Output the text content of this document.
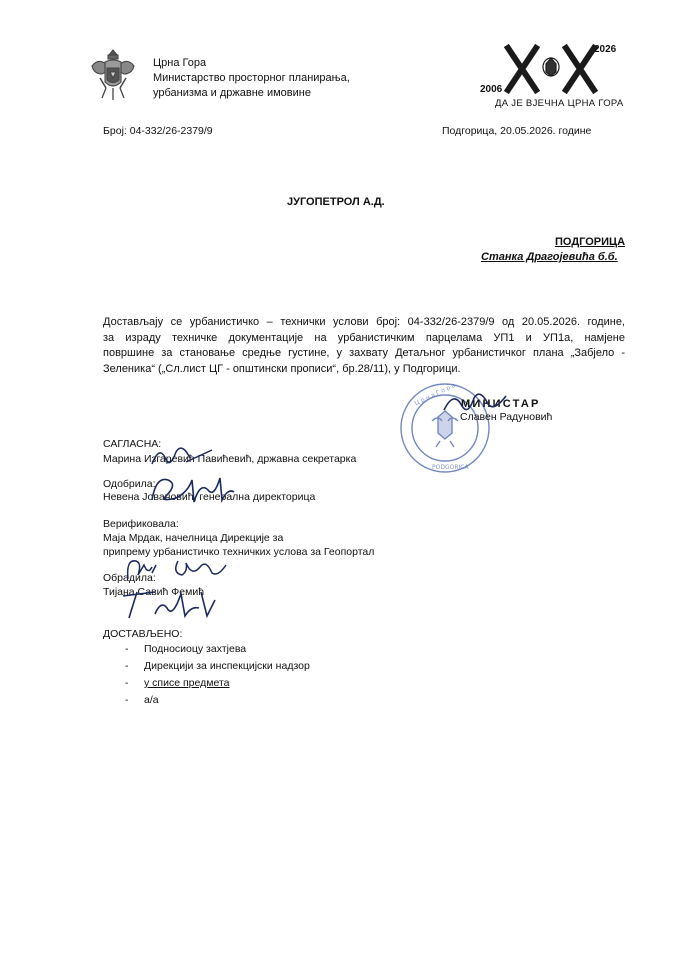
Црна Гора
Министарство просторног планирања,
урбанизма и државне имовине
2026
2006
ДА ЈЕ ВЈЕЧНА ЦРНА ГОРА
Број: 04-332/26-2379/9	Подгорица, 20.05.2026. године
ЈУГОПЕТРОЛ А.Д.
ПОДГОРИЦА
Станка Драгојевића б.б.
Достављају се урбанистичко – технички услови број: 04-332/26-2379/9 од 20.05.2026. године,
за израду техничке документације на урбанистичким парцелама УП1 и УП1а, намјене
површине за становање средње густине, у захвату Детаљног урбанистичког плана „Забјело -
Зеленика“ („Сл.лист ЦГ - општински прописи“, бр.28/11), у Подгорици.
Ц р н а Г о р а
PODGORICA
МИНИСТАР
Славен Радуновић
САГЛАСНА:
Марина Изгаревић Павићевић, државна секретарка
Одобрила:
Невена Јовановић, генерална директорица
Верификовала:
Маја Мрдак, начелница Дирекције за
припрему урбанистичко техничких услова за Геопортал
Обрадила:
Тијана Савић Фемић
ДОСТАВЉЕНО:
- Подносиоцу захтјева
- Дирекцији за инспекцијски надзор
- у списе предмета
- а/а
